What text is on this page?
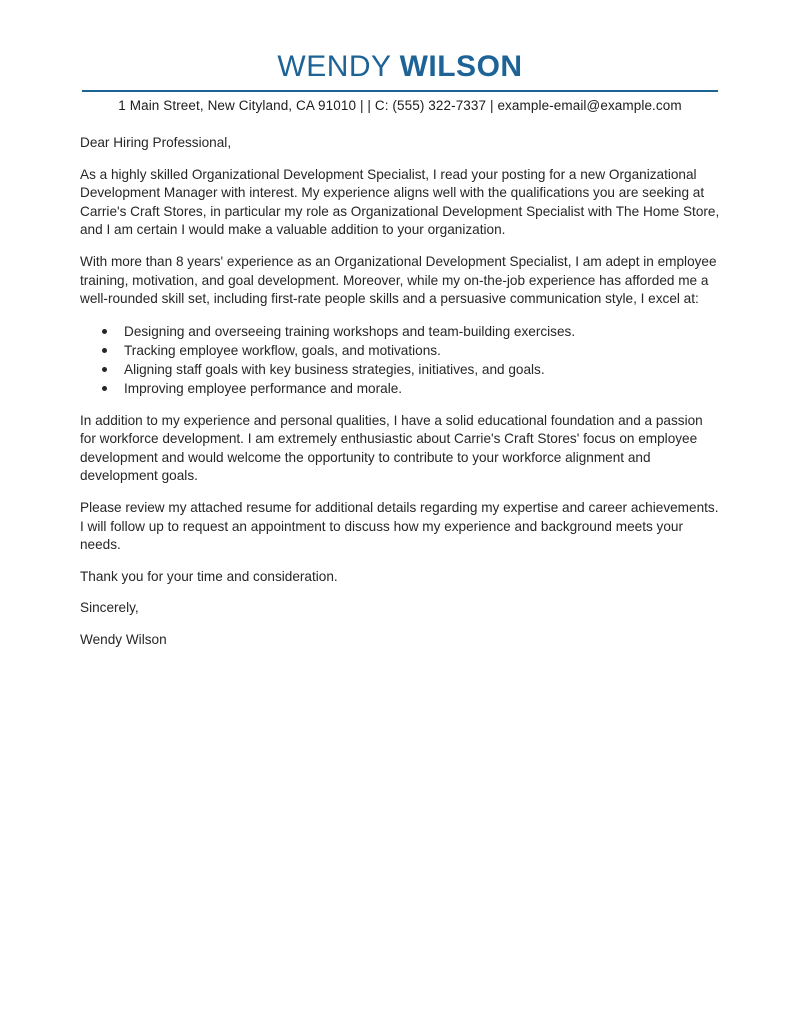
WENDY WILSON
1 Main Street, New Cityland, CA 91010 | | C: (555) 322-7337 | example-email@example.com

Dear Hiring Professional,

As a highly skilled Organizational Development Specialist, I read your posting for a new Organizational Development Manager with interest. My experience aligns well with the qualifications you are seeking at Carrie's Craft Stores, in particular my role as Organizational Development Specialist with The Home Store, and I am certain I would make a valuable addition to your organization.

With more than 8 years' experience as an Organizational Development Specialist, I am adept in employee training, motivation, and goal development. Moreover, while my on-the-job experience has afforded me a well-rounded skill set, including first-rate people skills and a persuasive communication style, I excel at:

Designing and overseeing training workshops and team-building exercises.
Tracking employee workflow, goals, and motivations.
Aligning staff goals with key business strategies, initiatives, and goals.
Improving employee performance and morale.

In addition to my experience and personal qualities, I have a solid educational foundation and a passion for workforce development. I am extremely enthusiastic about Carrie's Craft Stores' focus on employee development and would welcome the opportunity to contribute to your workforce alignment and development goals.

Please review my attached resume for additional details regarding my expertise and career achievements. I will follow up to request an appointment to discuss how my experience and background meets your needs.

Thank you for your time and consideration.

Sincerely,

Wendy Wilson
